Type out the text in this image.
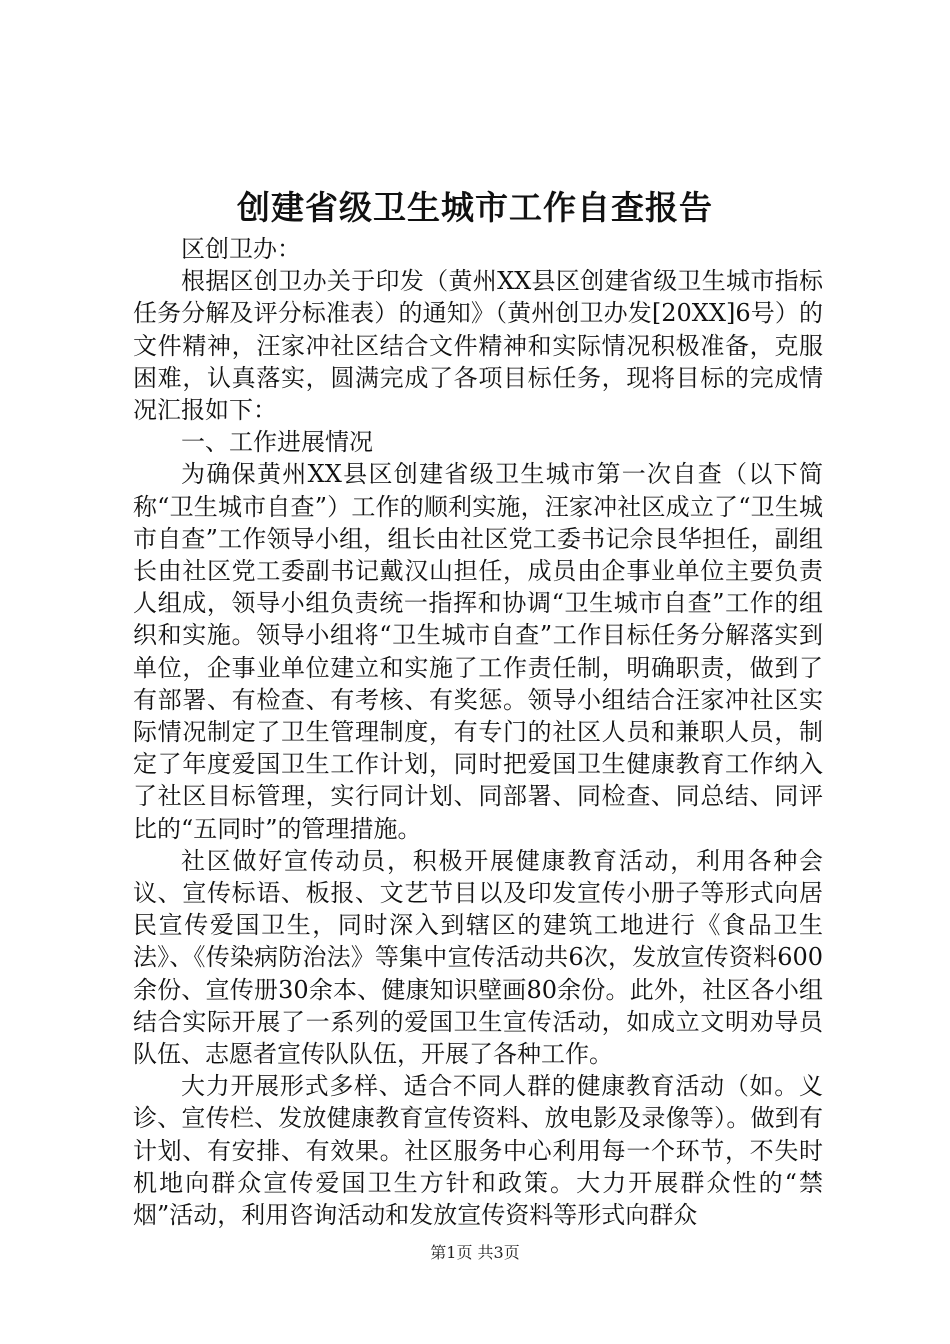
创建省级卫生城市工作自查报告

区创卫办：

根据区创卫办关于印发（黄州XX县区创建省级卫生城市指标任务分解及评分标准表）的通知》（黄州创卫办发[20XX]6号）的文件精神，汪家冲社区结合文件精神和实际情况积极准备，克服困难，认真落实，圆满完成了各项目标任务，现将目标的完成情况汇报如下：

一、工作进展情况

为确保黄州XX县区创建省级卫生城市第一次自查（以下简称“卫生城市自查”）工作的顺利实施，汪家冲社区成立了“卫生城市自查”工作领导小组，组长由社区党工委书记佘艮华担任，副组长由社区党工委副书记戴汉山担任，成员由企事业单位主要负责人组成，领导小组负责统一指挥和协调“卫生城市自查”工作的组织和实施。领导小组将“卫生城市自查”工作目标任务分解落实到单位，企事业单位建立和实施了工作责任制，明确职责，做到了有部署、有检查、有考核、有奖惩。领导小组结合汪家冲社区实际情况制定了卫生管理制度，有专门的社区人员和兼职人员，制定了年度爱国卫生工作计划，同时把爱国卫生健康教育工作纳入了社区目标管理，实行同计划、同部署、同检查、同总结、同评比的“五同时”的管理措施。

社区做好宣传动员，积极开展健康教育活动，利用各种会议、宣传标语、板报、文艺节目以及印发宣传小册子等形式向居民宣传爱国卫生，同时深入到辖区的建筑工地进行《食品卫生法》、《传染病防治法》等集中宣传活动共6次，发放宣传资料600余份、宣传册30余本、健康知识壁画80余份。此外，社区各小组结合实际开展了一系列的爱国卫生宣传活动，如成立文明劝导员队伍、志愿者宣传队队伍，开展了各种工作。

大力开展形式多样、适合不同人群的健康教育活动（如。义诊、宣传栏、发放健康教育宣传资料、放电影及录像等）。做到有计划、有安排、有效果。社区服务中心利用每一个环节，不失时机地向群众宣传爱国卫生方针和政策。大力开展群众性的“禁烟”活动，利用咨询活动和发放宣传资料等形式向群众

第1页 共3页
